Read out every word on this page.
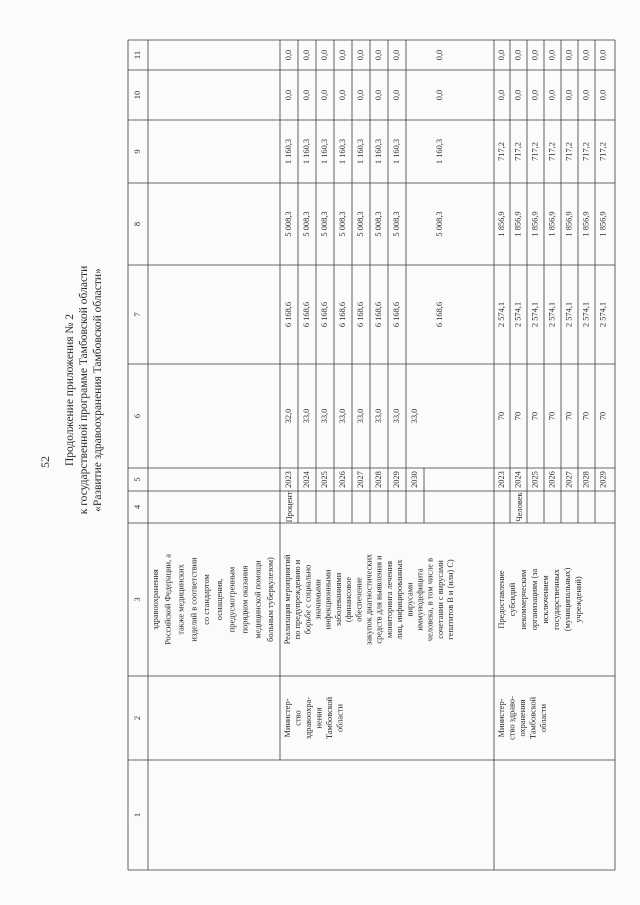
52 Продолжение приложения № 2 к государственной программе Тамбовской области «Развитие здравоохранения Тамбовской области»
1
2
3
4
5
6
7
8
9
10
11
здравоохранения Российской Федерации, а также медицинских изделий в соответствии со стандартом оснащения, предусмотренным порядком оказания медицинской помощи больным туберкулезом)
Министер- ство здравоохра- нения Тамбовской области
Реализация мероприятий по предупреждению и борьбе с социально значимыми инфекционными заболеваниями (финансовое обеспечение закупок диагностических средств для выявления и мониторинга лечения лиц, инфицированных вирусами иммунодефицита человека, в том числе в сочетании с вирусами гепатитов B и (или) C)
Процент
2023
32,0
6 168,6
5 008,3
1 160,3
0,0
0,0
2024
33,0
6 168,6
5 008,3
1 160,3
0,0
0,0
2025
33,0
6 168,6
5 008,3
1 160,3
0,0
0,0
2026
33,0
6 168,6
5 008,3
1 160,3
0,0
0,0
2027
33,0
6 168,6
5 008,3
1 160,3
0,0
0,0
2028
33,0
6 168,6
5 008,3
1 160,3
0,0
0,0
2029
33,0
6 168,6
5 008,3
1 160,3
0,0
0,0
2030
33,0
6 168,6
5 008,3
1 160,3
0,0
0,0
Министер- ство здраво- охранения Тамбовской области
Предоставление субсидий некоммерческим организациям (за исключением государственных (муниципальных) учреждений)
Человек
2023
70
2 574,1
1 856,9
717,2
0,0
0,0
2024
70
2 574,1
1 856,9
717,2
0,0
0,0
2025
70
2 574,1
1 856,9
717,2
0,0
0,0
2026
70
2 574,1
1 856,9
717,2
0,0
0,0
2027
70
2 574,1
1 856,9
717,2
0,0
0,0
2028
70
2 574,1
1 856,9
717,2
0,0
0,0
2029
70
2 574,1
1 856,9
717,2
0,0
0,0
